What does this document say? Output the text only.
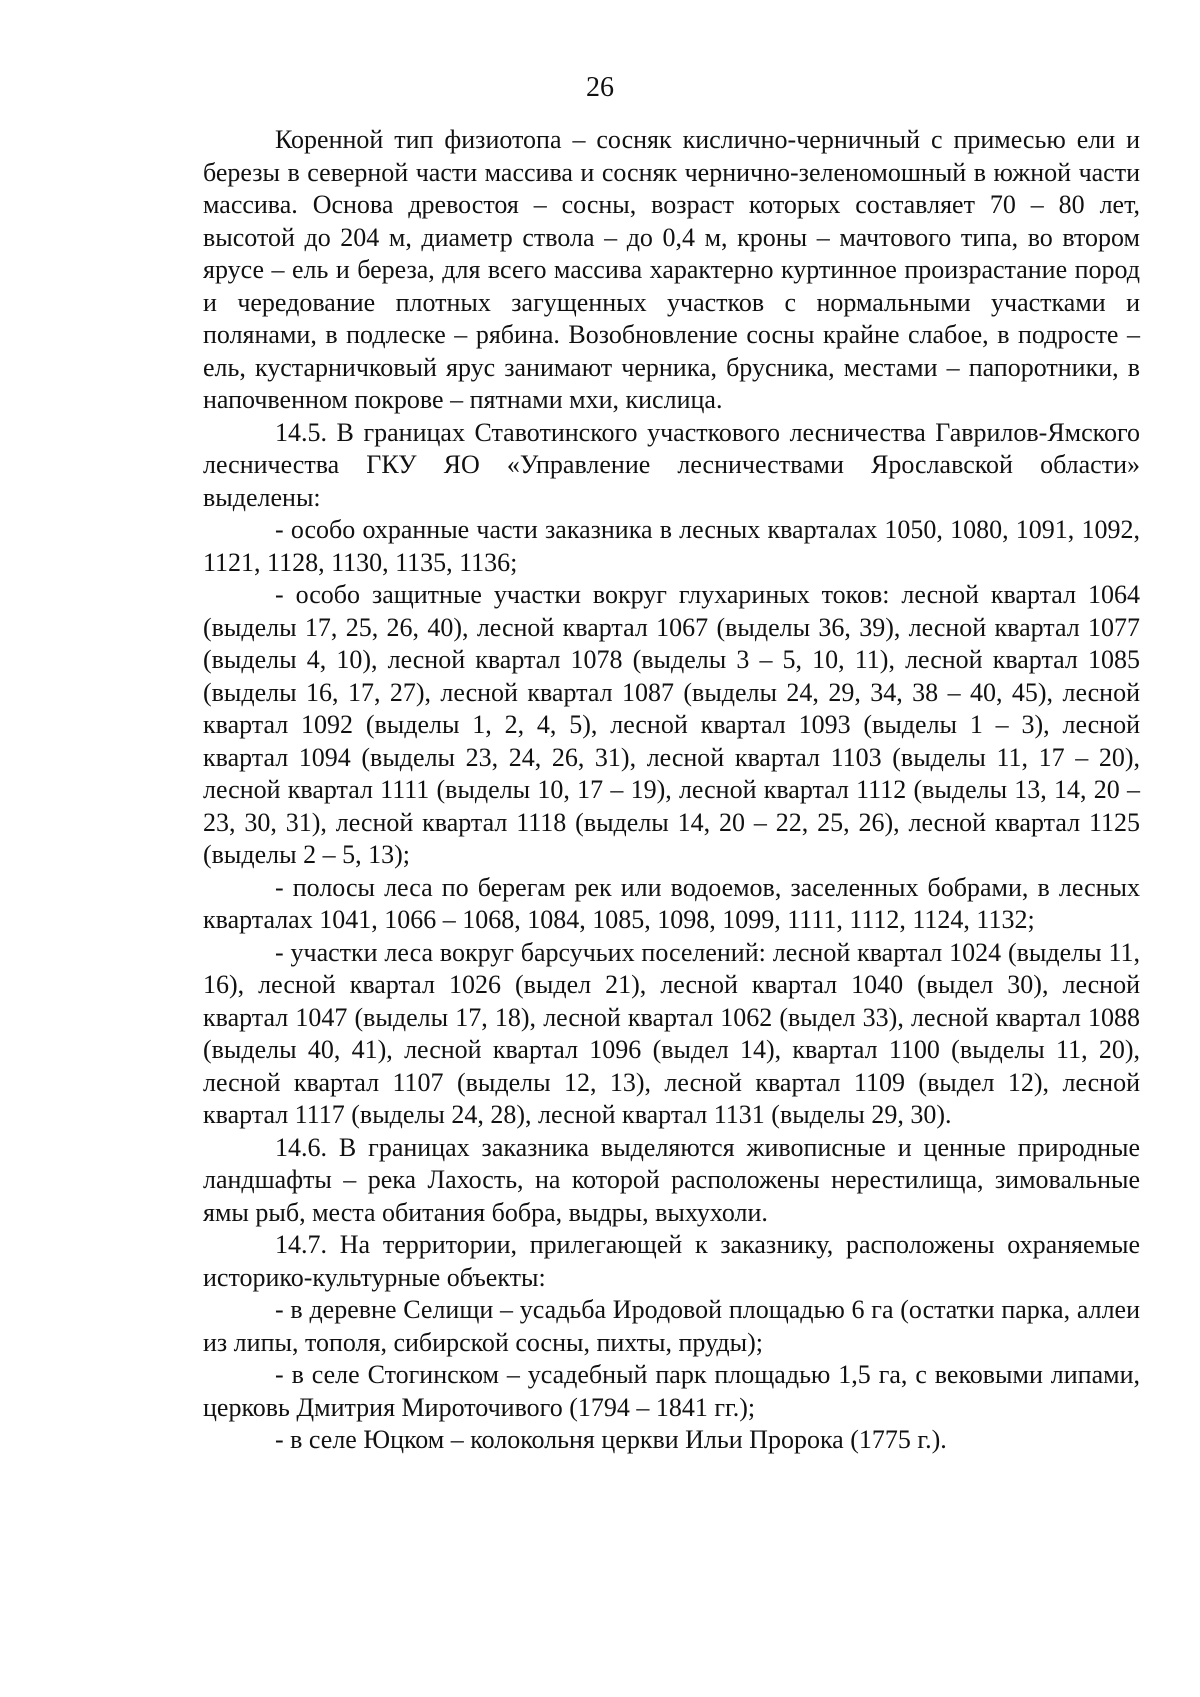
26

Коренной тип физиотопа – сосняк кислично-черничный с примесью ели и березы в северной части массива и сосняк чернично-зеленомошный в южной части массива. Основа древостоя – сосны, возраст которых составляет 70 – 80 лет, высотой до 204 м, диаметр ствола – до 0,4 м, кроны – мачтового типа, во втором ярусе – ель и береза, для всего массива характерно куртинное произрастание пород и чередование плотных загущенных участков с нормальными участками и полянами, в подлеске – рябина. Возобновление сосны крайне слабое, в подросте – ель, кустарничковый ярус занимают черника, брусника, местами – папоротники, в напочвенном покрове – пятнами мхи, кислица.

14.5. В границах Ставотинского участкового лесничества Гаврилов-Ямского лесничества ГКУ ЯО «Управление лесничествами Ярославской области» выделены:

- особо охранные части заказника в лесных кварталах 1050, 1080, 1091, 1092, 1121, 1128, 1130, 1135, 1136;

- особо защитные участки вокруг глухариных токов: лесной квартал 1064 (выделы 17, 25, 26, 40), лесной квартал 1067 (выделы 36, 39), лесной квартал 1077 (выделы 4, 10), лесной квартал 1078 (выделы 3 – 5, 10, 11), лесной квартал 1085 (выделы 16, 17, 27), лесной квартал 1087 (выделы 24, 29, 34, 38 – 40, 45), лесной квартал 1092 (выделы 1, 2, 4, 5), лесной квартал 1093 (выделы 1 – 3), лесной квартал 1094 (выделы 23, 24, 26, 31), лесной квартал 1103 (выделы 11, 17 – 20), лесной квартал 1111 (выделы 10, 17 – 19), лесной квартал 1112 (выделы 13, 14, 20 – 23, 30, 31), лесной квартал 1118 (выделы 14, 20 – 22, 25, 26), лесной квартал 1125 (выделы 2 – 5, 13);

- полосы леса по берегам рек или водоемов, заселенных бобрами, в лесных кварталах 1041, 1066 – 1068, 1084, 1085, 1098, 1099, 1111, 1112, 1124, 1132;

- участки леса вокруг барсучьих поселений: лесной квартал 1024 (выделы 11, 16), лесной квартал 1026 (выдел 21), лесной квартал 1040 (выдел 30), лесной квартал 1047 (выделы 17, 18), лесной квартал 1062 (выдел 33), лесной квартал 1088 (выделы 40, 41), лесной квартал 1096 (выдел 14), квартал 1100 (выделы 11, 20), лесной квартал 1107 (выделы 12, 13), лесной квартал 1109 (выдел 12), лесной квартал 1117 (выделы 24, 28), лесной квартал 1131 (выделы 29, 30).

14.6. В границах заказника выделяются живописные и ценные природные ландшафты – река Лахость, на которой расположены нерестилища, зимовальные ямы рыб, места обитания бобра, выдры, выхухоли.

14.7. На территории, прилегающей к заказнику, расположены охраняемые историко-культурные объекты:

- в деревне Селищи – усадьба Иродовой площадью 6 га (остатки парка, аллеи из липы, тополя, сибирской сосны, пихты, пруды);

- в селе Стогинском – усадебный парк площадью 1,5 га, с вековыми липами, церковь Дмитрия Мироточивого (1794 – 1841 гг.);

- в селе Юцком – колокольня церкви Ильи Пророка (1775 г.).
